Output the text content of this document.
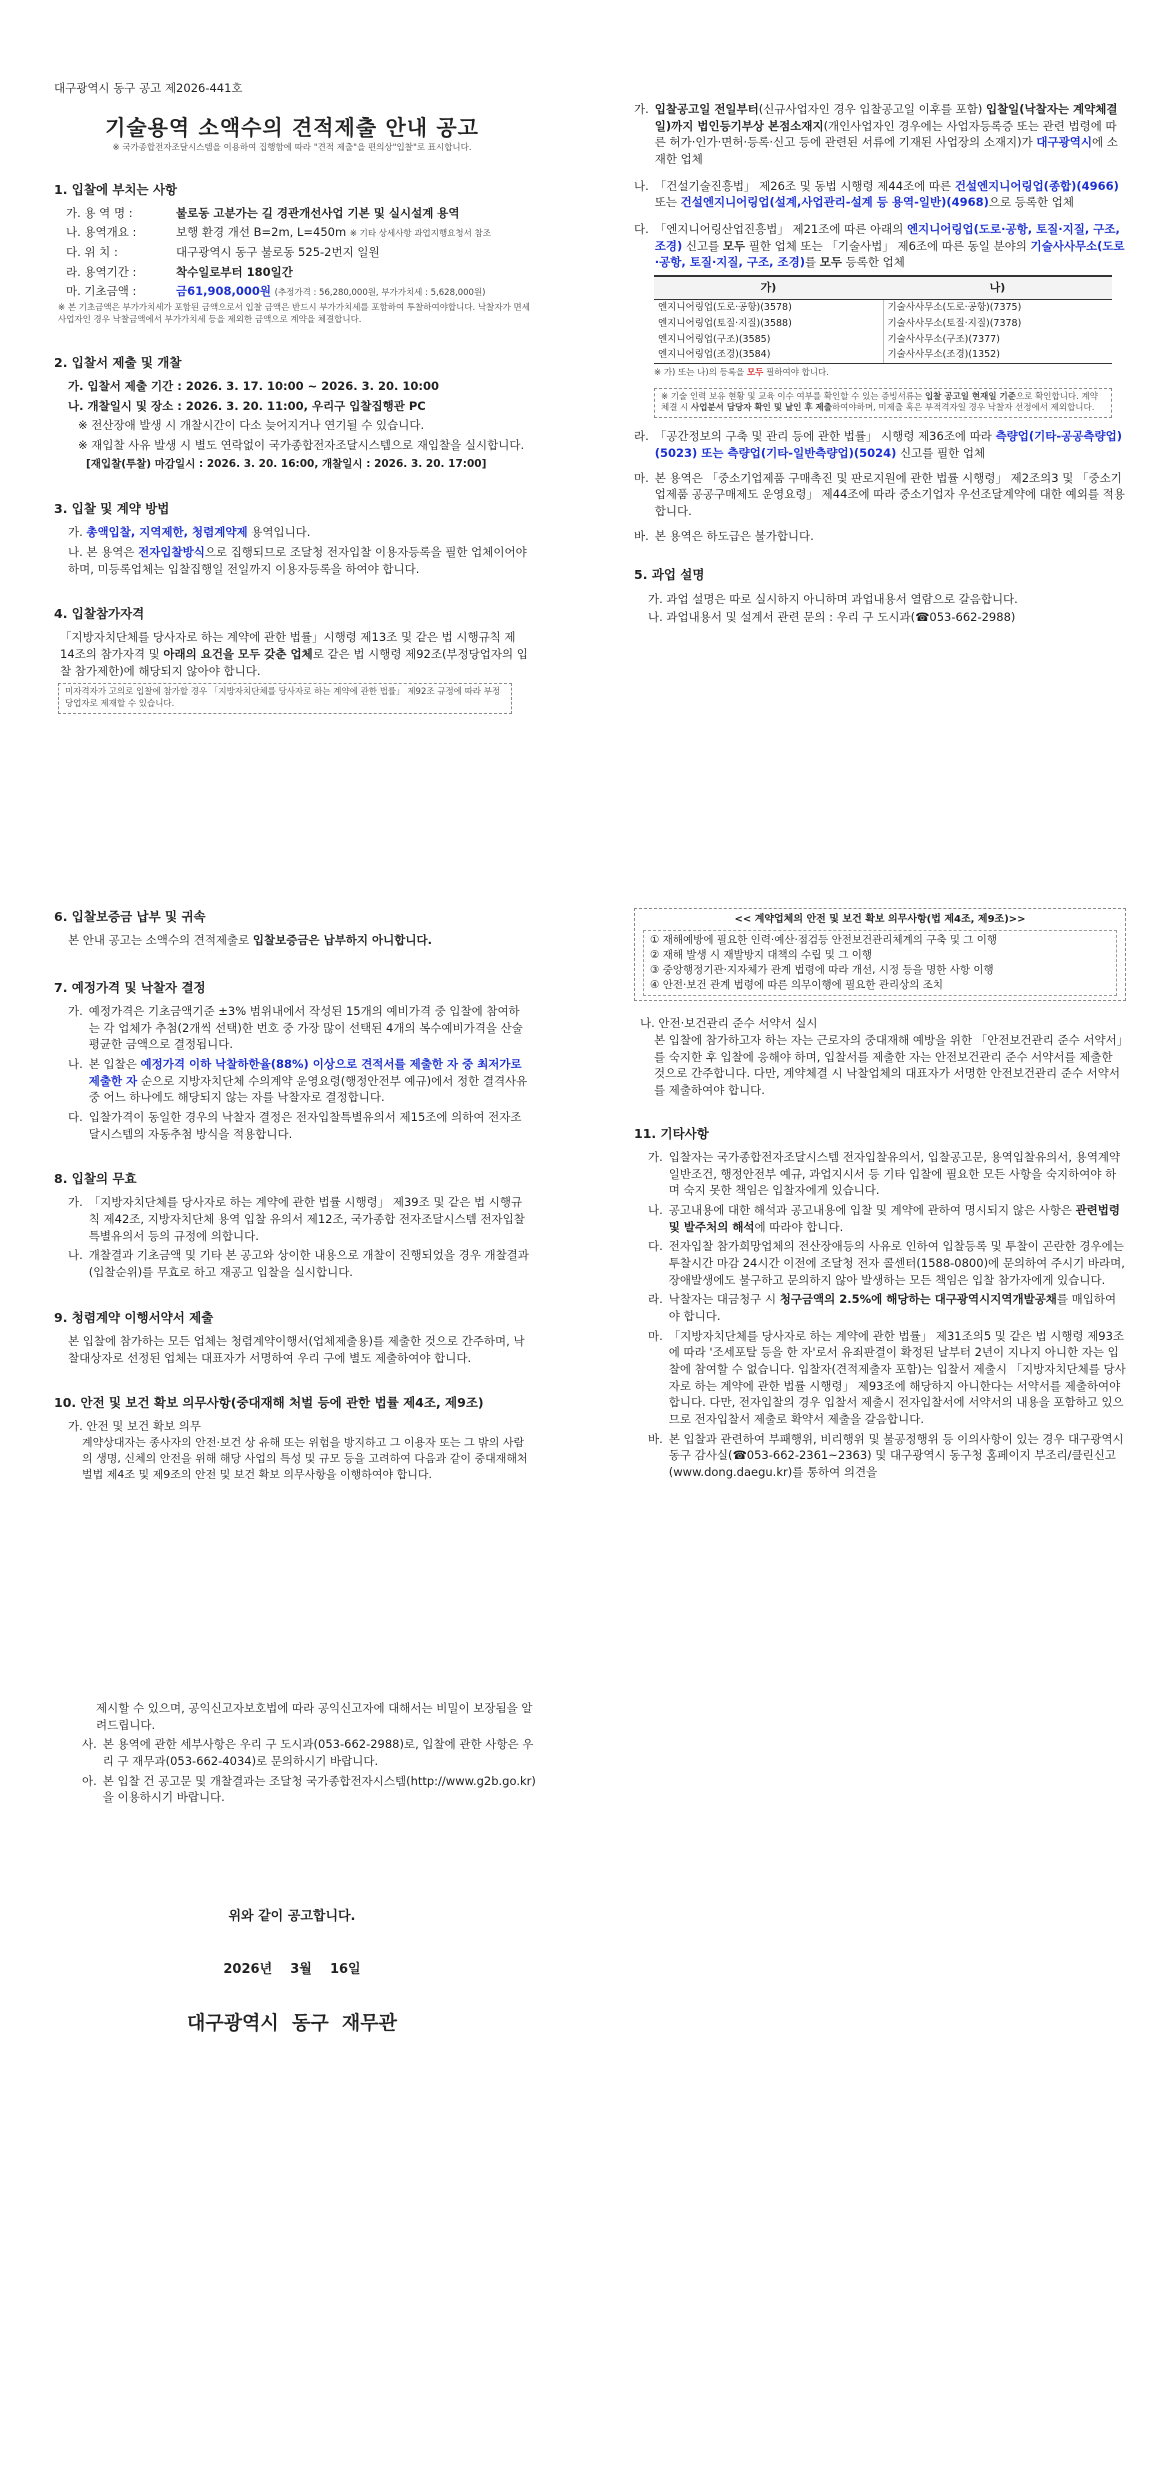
대구광역시 동구 공고 제2026-441호

기술용역 소액수의 견적제출 안내 공고

※ 국가종합전자조달시스템을 이용하여 집행함에 따라 "견적 제출"을 편의상"입찰"로 표시합니다.

1. 입찰에 부치는 사항

가. 용 역 명 :	불로동 고분가는 길 경관개선사업 기본 및 실시설계 용역
나. 용역개요 :	보행 환경 개선 B=2m, L=450m ※ 기타 상세사항 과업지행요청서 참조
다. 위 치 :	대구광역시 동구 불로동 525-2번지 일원
라. 용역기간 :	착수일로부터 180일간
마. 기초금액 :	금61,908,000원 (추정가격 : 56,280,000원, 부가가치세 : 5,628,000원)

※ 본 기초금액은 부가가치세가 포함된 금액으로서 입찰 금액은 반드시 부가가치세를 포함하여 투찰하여야합니다. 낙찰자가 면세 사업자인 경우 낙찰금액에서 부가가치세 등을 제외한 금액으로 계약을 체결합니다.

2. 입찰서 제출 및 개찰

가. 입찰서 제출 기간 : 2026. 3. 17. 10:00 ~ 2026. 3. 20. 10:00

나. 개찰일시 및 장소 : 2026. 3. 20. 11:00, 우리구 입찰집행관 PC

※ 전산장애 발생 시 개찰시간이 다소 늦어지거나 연기될 수 있습니다.

※ 재입찰 사유 발생 시 별도 연락없이 국가종합전자조달시스템으로 재입찰을 실시합니다.

[재입찰(투찰) 마감일시 : 2026. 3. 20. 16:00, 개찰일시 : 2026. 3. 20. 17:00]

3. 입찰 및 계약 방법

가. 총액입찰, 지역제한, 청렴계약제 용역입니다.

나. 본 용역은 전자입찰방식으로 집행되므로 조달청 전자입찰 이용자등록을 필한 업체이어야 하며, 미등록업체는 입찰집행일 전일까지 이용자등록을 하여야 합니다.

4. 입찰참가자격

「지방자치단체를 당사자로 하는 계약에 관한 법률」시행령 제13조 및 같은 법 시행규칙 제14조의 참가자격 및 아래의 요건을 모두 갖춘 업체로 같은 법 시행령 제92조(부정당업자의 입찰 참가제한)에 해당되지 않아야 합니다.

미자격자가 고의로 입찰에 참가할 경우 「지방자치단체를 당사자로 하는 계약에 관한 법률」 제92조 규정에 따라 부정당업자로 제재할 수 있습니다.
가. 입찰공고일 전일부터(신규사업자인 경우 입찰공고일 이후를 포함) 입찰일(낙찰자는 계약체결일)까지 법인등기부상 본점소재지(개인사업자인 경우에는 사업자등록증 또는 관련 법령에 따른 허가·인가·면허·등록·신고 등에 관련된 서류에 기재된 사업장의 소재지)가 대구광역시에 소재한 업체
나. 「건설기술진흥법」 제26조 및 동법 시행령 제44조에 따른 건설엔지니어링업(종합)(4966) 또는 건설엔지니어링업(설계,사업관리-설계 등 용역-일반)(4968)으로 등록한 업체
다. 「엔지니어링산업진흥법」 제21조에 따른 아래의 엔지니어링업(도로·공항, 토질·지질, 구조, 조경) 신고를 모두 필한 업체 또는 「기술사법」 제6조에 따른 동일 분야의 기술사사무소(도로·공항, 토질·지질, 구조, 조경)를 모두 등록한 업체
가)	나)
엔지니어링업(도로·공항)(3578)	기술사사무소(도로·공항)(7375)
엔지니어링업(토질·지질)(3588)	기술사사무소(토질·지질)(7378)
엔지니어링업(구조)(3585)	기술사사무소(구조)(7377)
엔지니어링업(조경)(3584)	기술사사무소(조경)(1352)

※ 가) 또는 나)의 등록을 모두 필하여야 합니다.

※ 기술 인력 보유 현황 및 교육 이수 여부를 확인할 수 있는 증빙서류는 입찰 공고일 현재일 기준으로 확인합니다. 계약체결 시 사업분서 담당자 확인 및 날인 후 제출하여야하며, 미제출 혹은 부적격자일 경우 낙찰자 선정에서 제외합니다.
라. 「공간정보의 구축 및 관리 등에 관한 법률」 시행령 제36조에 따라 측량업(기타-공공측량업)(5023) 또는 측량업(기타-일반측량업)(5024) 신고를 필한 업체
마. 본 용역은 「중소기업제품 구매촉진 및 판로지원에 관한 법률 시행령」 제2조의3 및 「중소기업제품 공공구매제도 운영요령」 제44조에 따라 중소기업자 우선조달계약에 대한 예외를 적용합니다.
바. 본 용역은 하도급은 불가합니다.

5. 과업 설명

가. 과업 설명은 따로 실시하지 아니하며 과업내용서 열람으로 갈음합니다.

나. 과업내용서 및 설계서 관련 문의 : 우리 구 도시과(☎053-662-2988)

6. 입찰보증금 납부 및 귀속

본 안내 공고는 소액수의 견적제출로 입찰보증금은 납부하지 아니합니다.

7. 예정가격 및 낙찰자 결정

가. 예정가격은 기초금액기준 ±3% 범위내에서 작성된 15개의 예비가격 중 입찰에 참여하는 각 업체가 추첨(2개씩 선택)한 번호 중 가장 많이 선택된 4개의 복수예비가격을 산술평균한 금액으로 결정됩니다.
나. 본 입찰은 예정가격 이하 낙찰하한율(88%) 이상으로 견적서를 제출한 자 중 최저가로 제출한 자 순으로 지방자치단체 수의계약 운영요령(행정안전부 예규)에서 정한 결격사유 중 어느 하나에도 해당되지 않는 자를 낙찰자로 결정합니다.
다. 입찰가격이 동일한 경우의 낙찰자 결정은 전자입찰특별유의서 제15조에 의하여 전자조달시스템의 자동추첨 방식을 적용합니다.

8. 입찰의 무효

가. 「지방자치단체를 당사자로 하는 계약에 관한 법률 시행령」 제39조 및 같은 법 시행규칙 제42조, 지방자치단체 용역 입찰 유의서 제12조, 국가종합 전자조달시스템 전자입찰 특별유의서 등의 규정에 의합니다.
나. 개찰결과 기초금액 및 기타 본 공고와 상이한 내용으로 개찰이 진행되었을 경우 개찰결과(입찰순위)를 무효로 하고 재공고 입찰을 실시합니다.

9. 청렴계약 이행서약서 제출

본 입찰에 참가하는 모든 업체는 청렴계약이행서(업체제출용)를 제출한 것으로 간주하며, 낙찰대상자로 선정된 업체는 대표자가 서명하여 우리 구에 별도 제출하여야 합니다.

10. 안전 및 보건 확보 의무사항(중대재해 처벌 등에 관한 법률 제4조, 제9조)

가. 안전 및 보건 확보 의무

계약상대자는 종사자의 안전·보건 상 유해 또는 위험을 방지하고 그 이용자 또는 그 밖의 사람의 생명, 신체의 안전을 위해 해당 사업의 특성 및 규모 등을 고려하여 다음과 같이 중대재해처벌법 제4조 및 제9조의 안전 및 보건 확보 의무사항을 이행하여야 합니다.

<< 계약업체의 안전 및 보건 확보 의무사항(법 제4조, 제9조)>>

① 재해예방에 필요한 인력·예산·점검등 안전보건관리체계의 구축 및 그 이행

② 재해 발생 시 재발방지 대책의 수립 및 그 이행

③ 중앙행정기관·지자체가 관계 법령에 따라 개선, 시정 등을 명한 사항 이행

④ 안전·보건 관계 법령에 따른 의무이행에 필요한 관리상의 조치

나. 안전·보건관리 준수 서약서 실시

본 입찰에 참가하고자 하는 자는 근로자의 중대재해 예방을 위한 「안전보건관리 준수 서약서」를 숙지한 후 입찰에 응해야 하며, 입찰서를 제출한 자는 안전보건관리 준수 서약서를 제출한 것으로 간주합니다. 다만, 계약체결 시 낙찰업체의 대표자가 서명한 안전보건관리 준수 서약서를 제출하여야 합니다.

11. 기타사항

가. 입찰자는 국가종합전자조달시스템 전자입찰유의서, 입찰공고문, 용역입찰유의서, 용역계약 일반조건, 행정안전부 예규, 과업지시서 등 기타 입찰에 필요한 모든 사항을 숙지하여야 하며 숙지 못한 책임은 입찰자에게 있습니다.
나. 공고내용에 대한 해석과 공고내용에 입찰 및 계약에 관하여 명시되지 않은 사항은 관련법령 및 발주처의 해석에 따라야 합니다.
다. 전자입찰 참가희망업체의 전산장애등의 사유로 인하여 입찰등록 및 투찰이 곤란한 경우에는 투찰시간 마감 24시간 이전에 조달청 전자 콜센터(1588-0800)에 문의하여 주시기 바라며, 장애발생에도 불구하고 문의하지 않아 발생하는 모든 책임은 입찰 참가자에게 있습니다.
라. 낙찰자는 대금청구 시 청구금액의 2.5%에 해당하는 대구광역시지역개발공채를 매입하여야 합니다.
마. 「지방자치단체를 당사자로 하는 계약에 관한 법률」 제31조의5 및 같은 법 시행령 제93조에 따라 '조세포탈 등을 한 자'로서 유죄판결이 확정된 날부터 2년이 지나지 아니한 자는 입찰에 참여할 수 없습니다. 입찰자(견적제출자 포함)는 입찰서 제출시 「지방자치단체를 당사자로 하는 계약에 관한 법률 시행령」 제93조에 해당하지 아니한다는 서약서를 제출하여야 합니다. 다만, 전자입찰의 경우 입찰서 제출시 전자입찰서에 서약서의 내용을 포함하고 있으므로 전자입찰서 제출로 확약서 제출을 갈음합니다.
바. 본 입찰과 관련하여 부패행위, 비리행위 및 불공정행위 등 이의사항이 있는 경우 대구광역시 동구 감사실(☎053-662-2361~2363) 및 대구광역시 동구청 홈페이지 부조리/클린신고(www.dong.daegu.kr)를 통하여 의견을

제시할 수 있으며, 공익신고자보호법에 따라 공익신고자에 대해서는 비밀이 보장됨을 알려드립니다.

사. 본 용역에 관한 세부사항은 우리 구 도시과(053-662-2988)로, 입찰에 관한 사항은 우리 구 재무과(053-662-4034)로 문의하시기 바랍니다.
아. 본 입찰 건 공고문 및 개찰결과는 조달청 국가종합전자시스템(http://www.g2b.go.kr)을 이용하시기 바랍니다.

위와 같이 공고합니다.

2026년    3월    16일

대구광역시  동구  재무관
